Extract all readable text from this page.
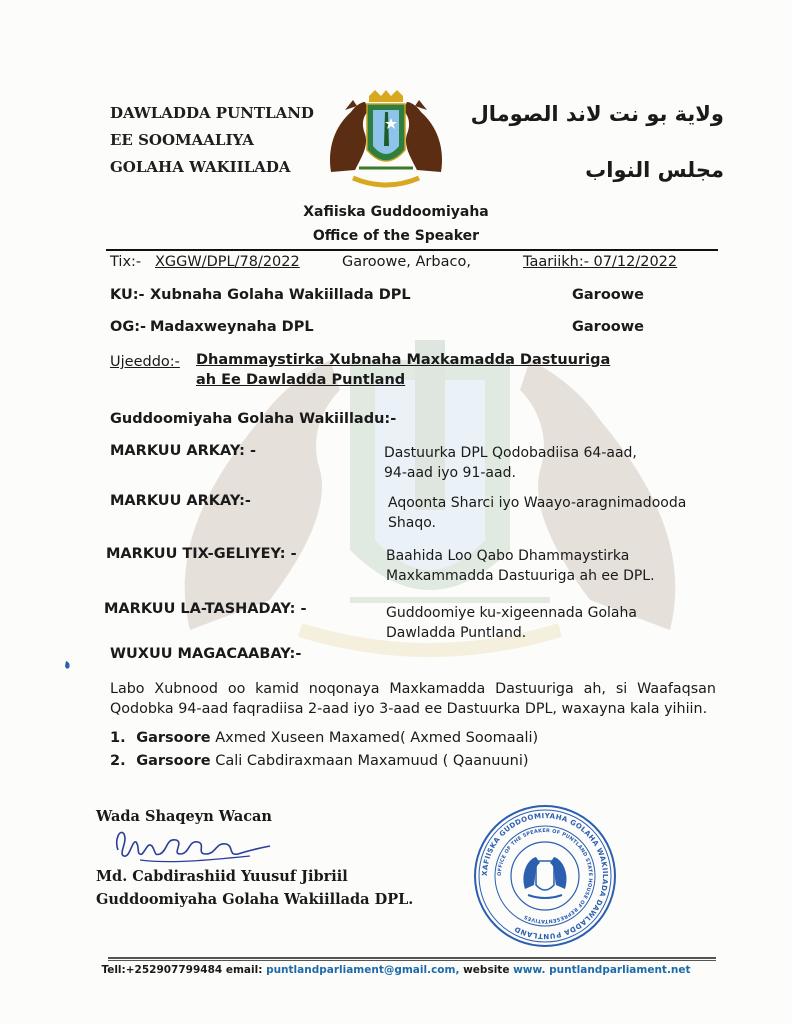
DAWLADDA PUNTLAND
EE SOOMAALIYA
GOLAHA WAKIILADA
ولاية بو نت لاند الصومال
مجلس النواب
Xafiiska Guddoomiyaha
Office of the Speaker
Tix:- XGGW/DPL/78/2022	Garoowe, Arbaco,	Taariikh:- 07/12/2022
KU:- Xubnaha Golaha Wakiillada DPL	Garoowe
OG:- Madaxweynaha DPL	Garoowe
Ujeeddo:- Dhammaystirka Xubnaha Maxkamadda Dastuuriga
ah Ee Dawladda Puntland
Guddoomiyaha Golaha Wakiilladu:-
MARKUU ARKAY: -	Dastuurka DPL Qodobadiisa 64-aad,
94-aad iyo 91-aad.
MARKUU ARKAY:-	Aqoonta Sharci iyo Waayo-aragnimadooda
Shaqo.
MARKUU TIX-GELIYEY: -	Baahida Loo Qabo Dhammaystirka
Maxkammadda Dastuuriga ah ee DPL.
MARKUU LA-TASHADAY: -	Guddoomiye ku-xigeennada Golaha
Dawladda Puntland.
WUXUU MAGACAABAY:-
Labo Xubnood oo kamid noqonaya Maxkamadda Dastuuriga ah, si Waafaqsan Qodobka 94-aad faqradiisa 2-aad iyo 3-aad ee Dastuurka DPL, waxayna kala yihiin.
1. Garsoore Axmed Xuseen Maxamed( Axmed Soomaali)
2. Garsoore Cali Cabdiraxmaan Maxamuud ( Qaanuuni)
Wada Shaqeyn Wacan
Md. Cabdirashiid Yuusuf Jibriil
Guddoomiyaha Golaha Wakiillada DPL.
XAFIISKA GUDDOOMIYAHA GOLAHA WAKIILADA DAWLADDA PUNTLAND
OFFICE OF THE SPEAKER OF PUNTLAND STATE HOUSE OF REPRESENTATIVES
Tell:+252907799484 email: puntlandparliament@gmail.com, website www. puntlandparliament.net
